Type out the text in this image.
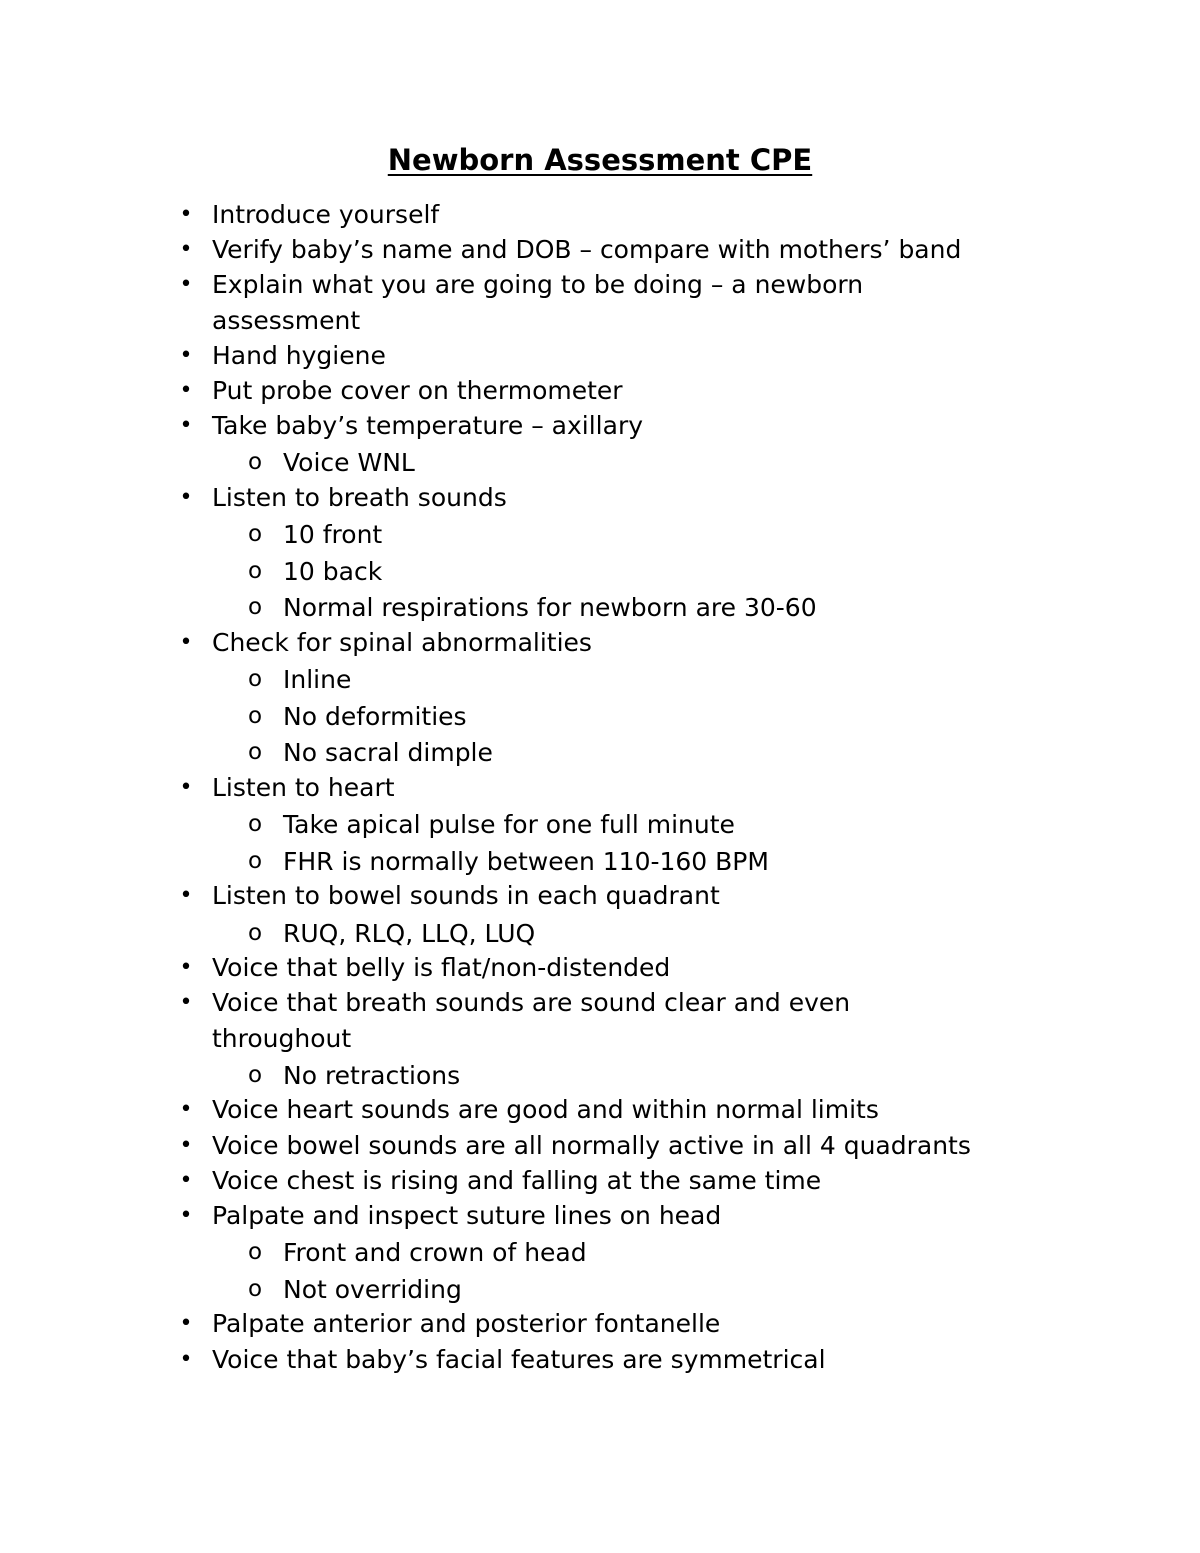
Newborn Assessment CPE
• Introduce yourself
• Verify baby’s name and DOB – compare with mothers’ band
• Explain what you are going to be doing – a newborn
assessment
• Hand hygiene
• Put probe cover on thermometer
• Take baby’s temperature – axillary
o Voice WNL
• Listen to breath sounds
o 10 front
o 10 back
o Normal respirations for newborn are 30-60
• Check for spinal abnormalities
o Inline
o No deformities
o No sacral dimple
• Listen to heart
o Take apical pulse for one full minute
o FHR is normally between 110-160 BPM
• Listen to bowel sounds in each quadrant
o RUQ, RLQ, LLQ, LUQ
• Voice that belly is flat/non-distended
• Voice that breath sounds are sound clear and even
throughout
o No retractions
• Voice heart sounds are good and within normal limits
• Voice bowel sounds are all normally active in all 4 quadrants
• Voice chest is rising and falling at the same time
• Palpate and inspect suture lines on head
o Front and crown of head
o Not overriding
• Palpate anterior and posterior fontanelle
• Voice that baby’s facial features are symmetrical
